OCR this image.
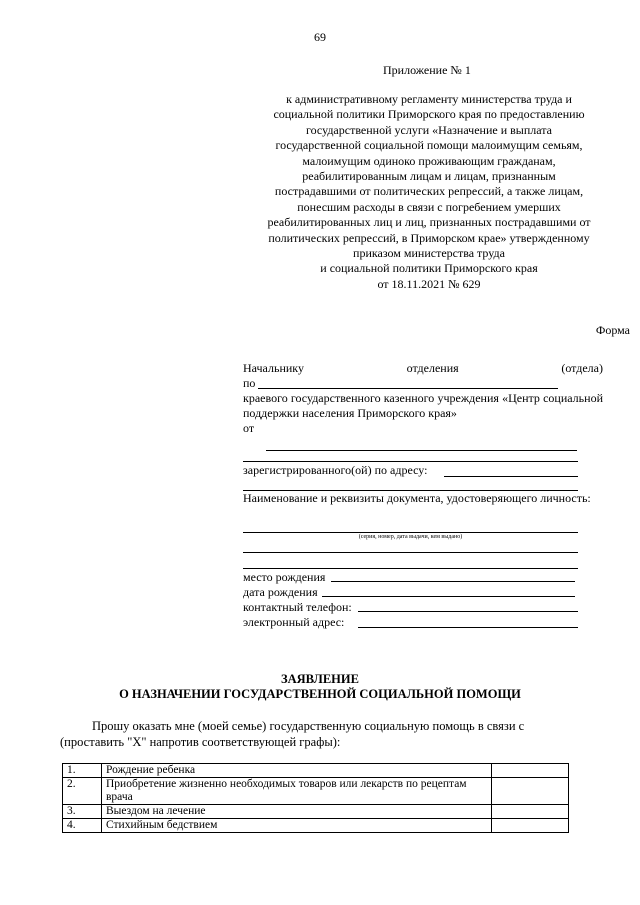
69
Приложение № 1
к административному регламенту министерства труда и
социальной политики Приморского края по предоставлению
государственной услуги «Назначение и выплата
государственной социальной помощи малоимущим семьям,
малоимущим одиноко проживающим гражданам,
реабилитированным лицам и лицам, признанным
пострадавшими от политических репрессий, а также лицам,
понесшим расходы в связи с погребением умерших
реабилитированных лиц и лиц, признанных пострадавшими от
политических репрессий, в Приморском крае» утвержденному
приказом министерства труда
и социальной политики Приморского края
от 18.11.2021 № 629
Форма
Начальнику                    отделения                    (отдела)
по
краевого государственного казенного учреждения «Центр социальной поддержки населения Приморского края»
от
зарегистрированного(ой) по адресу:
Наименование и реквизиты документа, удостоверяющего личность:
(серия, номер, дата выдачи, кем выдано)
место рождения
дата рождения
контактный телефон:
электронный адрес:
ЗАЯВЛЕНИЕ
О НАЗНАЧЕНИИ ГОСУДАРСТВЕННОЙ СОЦИАЛЬНОЙ ПОМОЩИ
Прошу оказать мне (моей семье) государственную социальную помощь в связи с
(проставить "X" напротив соответствующей графы):
1.	Рождение ребенка	
2.	Приобретение жизненно необходимых товаров или лекарств по рецептам врача	
3.	Выездом на лечение	
4.	Стихийным бедствием	
